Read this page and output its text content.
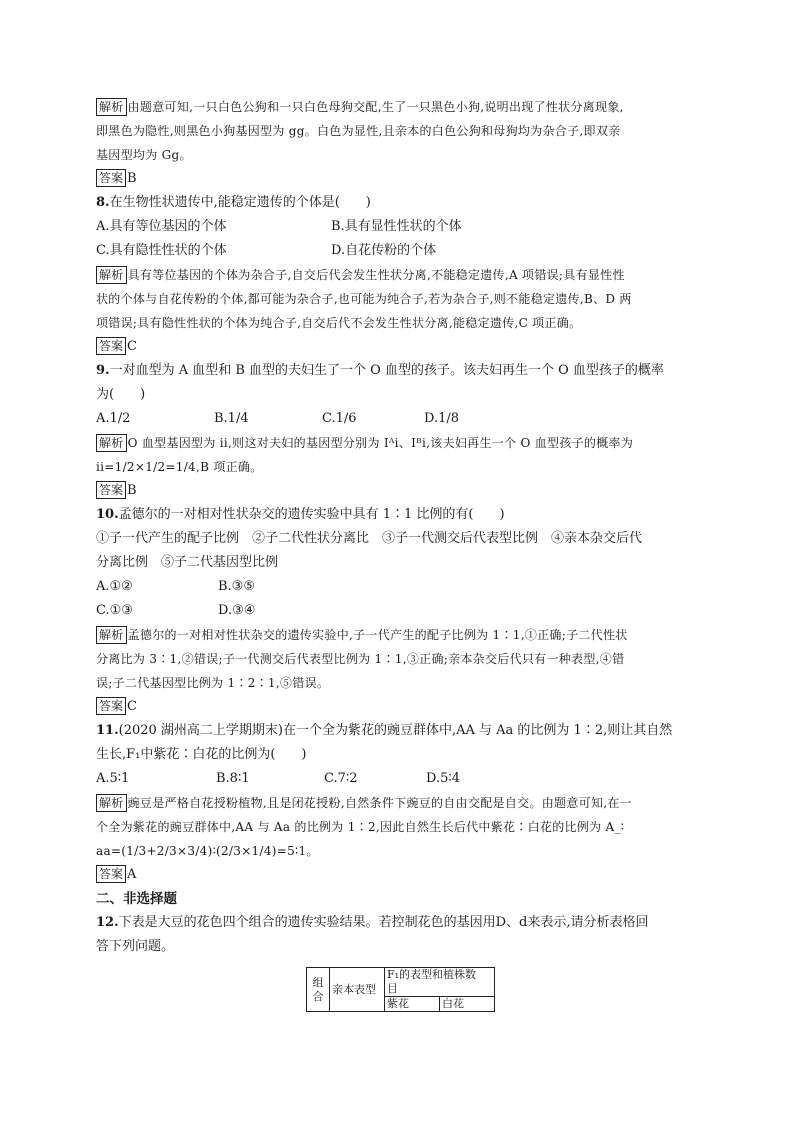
解析 由题意可知,一只白色公狗和一只白色母狗交配,生了一只黑色小狗,说明出现了性状分离现象,
即黑色为隐性,则黑色小狗基因型为 gg。白色为显性,且亲本的白色公狗和母狗均为杂合子,即双亲
基因型均为 Gg。
答案 B
8.在生物性状遗传中,能稳定遗传的个体是(　　)
A.具有等位基因的个体	B.具有显性性状的个体
C.具有隐性性状的个体	D.自花传粉的个体
解析 具有等位基因的个体为杂合子,自交后代会发生性状分离,不能稳定遗传,A 项错误;具有显性性
状的个体与自花传粉的个体,都可能为杂合子,也可能为纯合子,若为杂合子,则不能稳定遗传,B、D 两
项错误;具有隐性性状的个体为纯合子,自交后代不会发生性状分离,能稳定遗传,C 项正确。
答案 C
9.一对血型为 A 血型和 B 血型的夫妇生了一个 O 血型的孩子。该夫妇再生一个 O 血型孩子的概率
为(　　)
A.1/2	B.1/4	C.1/6	D.1/8
解析 O 血型基因型为 ii,则这对夫妇的基因型分别为 Iᴬi、Iᴮi,该夫妇再生一个 O 血型孩子的概率为
ii=1/2×1/2=1/4,B 项正确。
答案 B
10.孟德尔的一对相对性状杂交的遗传实验中具有 1∶1 比例的有(　　)
①子一代产生的配子比例　②子二代性状分离比　③子一代测交后代表型比例　④亲本杂交后代
分离比例　⑤子二代基因型比例
A.①②	B.③⑤
C.①③	D.③④
解析 孟德尔的一对相对性状杂交的遗传实验中,子一代产生的配子比例为 1∶1,①正确;子二代性状
分离比为 3∶1,②错误;子一代测交后代表型比例为 1∶1,③正确;亲本杂交后代只有一种表型,④错
误;子二代基因型比例为 1∶2∶1,⑤错误。
答案 C
11.(2020 湖州高二上学期期末)在一个全为紫花的豌豆群体中,AA 与 Aa 的比例为 1∶2,则让其自然
生长,F₁中紫花∶白花的比例为(　　)
A.5∶1	B.8∶1	C.7∶2	D.5∶4
解析 豌豆是严格自花授粉植物,且是闭花授粉,自然条件下豌豆的自由交配是自交。由题意可知,在一
个全为紫花的豌豆群体中,AA 与 Aa 的比例为 1∶2,因此自然生长后代中紫花∶白花的比例为 A_∶
aa=(1/3+2/3×3/4)∶(2/3×1/4)=5∶1。
答案 A
二、非选择题
12.下表是大豆的花色四个组合的遗传实验结果。若控制花色的基因用D、d来表示,请分析表格回
答下列问题。
组合	亲本表型	F₁的表型和植株数
目	
		紫花	白花
